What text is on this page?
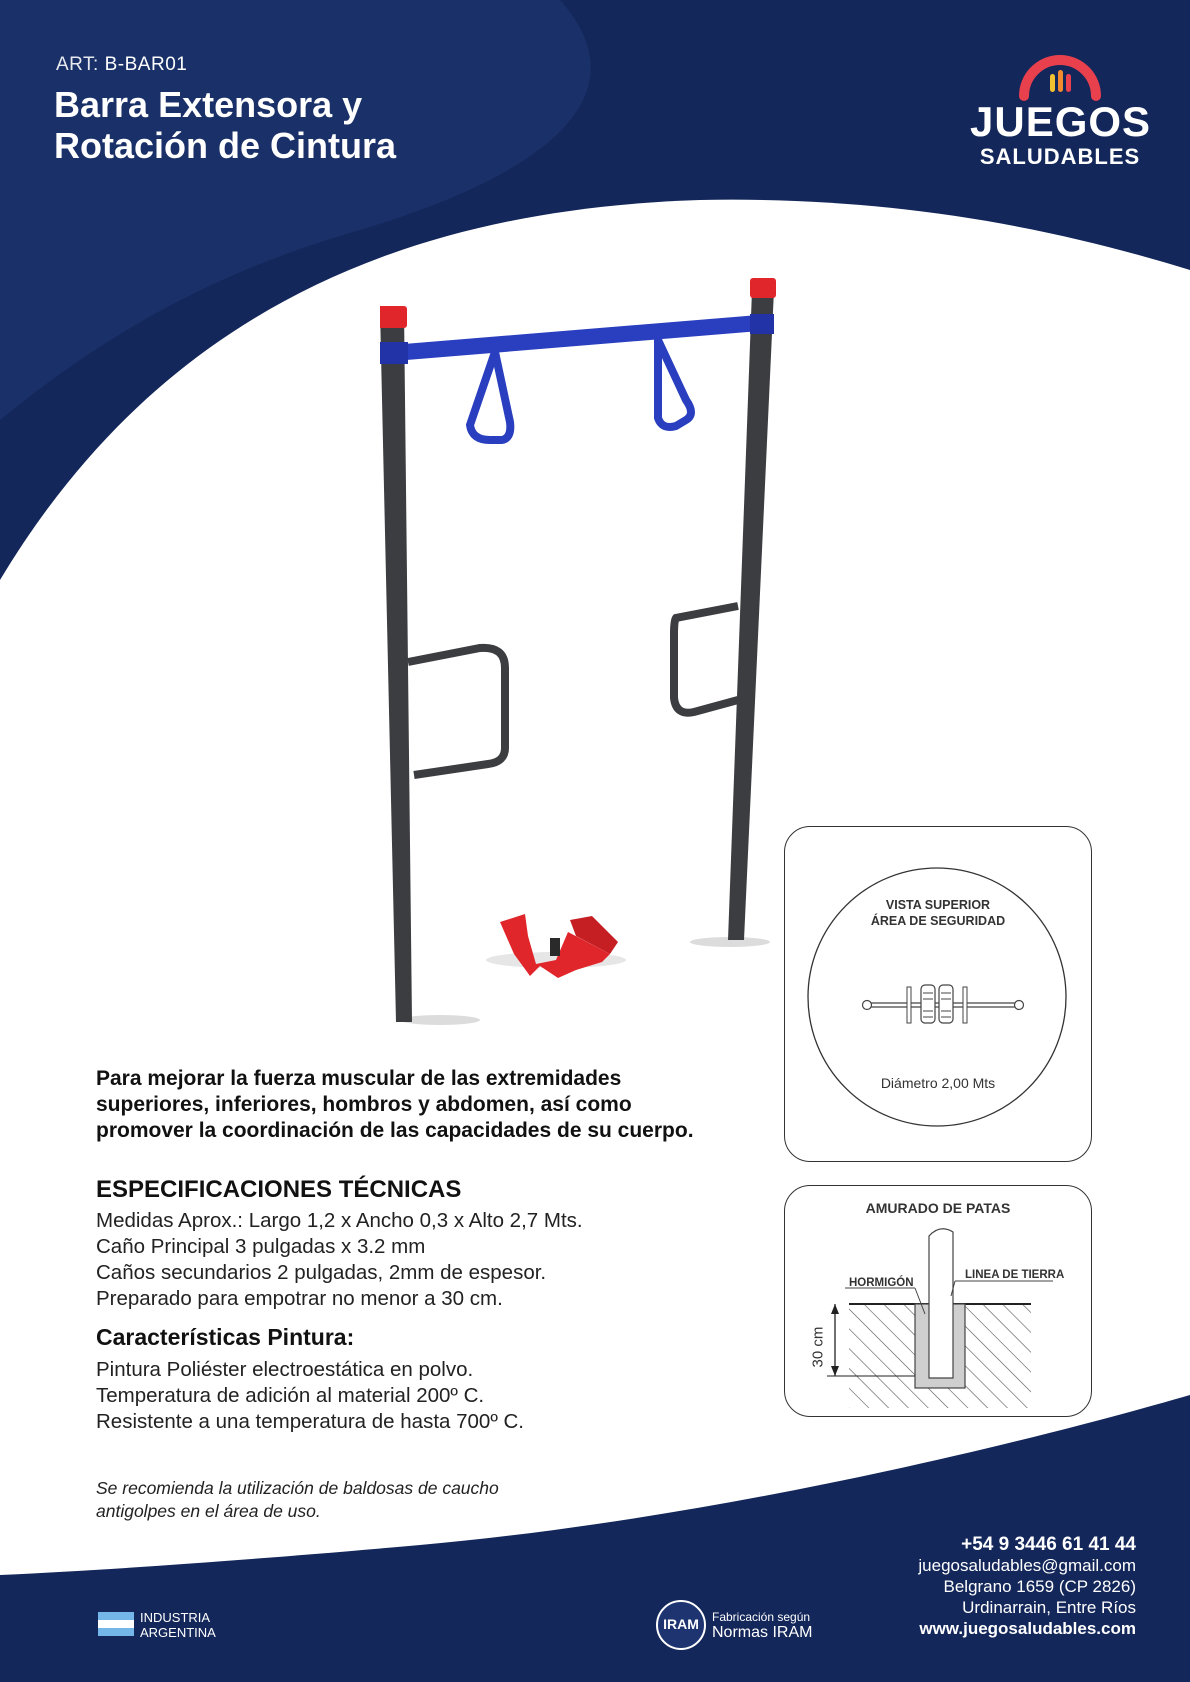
ART: B-BAR01
Barra Extensora y
Rotación de Cintura
JUEGOS
SALUDABLES
Para mejorar la fuerza muscular de las extremidades
superiores, inferiores, hombros y abdomen, así como
promover la coordinación de las capacidades de su cuerpo.
ESPECIFICACIONES TÉCNICAS
Medidas Aprox.: Largo 1,2 x Ancho 0,3 x Alto 2,7 Mts.
Caño Principal 3 pulgadas x 3.2 mm
Caños secundarios 2 pulgadas, 2mm de espesor.
Preparado para empotrar no menor a 30 cm.
Características Pintura:
Pintura Poliéster electroestática en polvo.
Temperatura de adición al material 200º C.
Resistente a una temperatura de hasta 700º C.
Se recomienda la utilización de baldosas de caucho
antigolpes en el área de uso.
VISTA SUPERIOR
ÁREA DE SEGURIDAD
Diámetro 2,00 Mts
AMURADO DE PATAS
HORMIGÓN
LINEA DE TIERRA
30 cm
INDUSTRIA
ARGENTINA
IRAM	Fabricación según
Normas IRAM
+54 9 3446 61 41 44
juegosaludables@gmail.com
Belgrano 1659 (CP 2826)
Urdinarrain, Entre Ríos
www.juegosaludables.com
